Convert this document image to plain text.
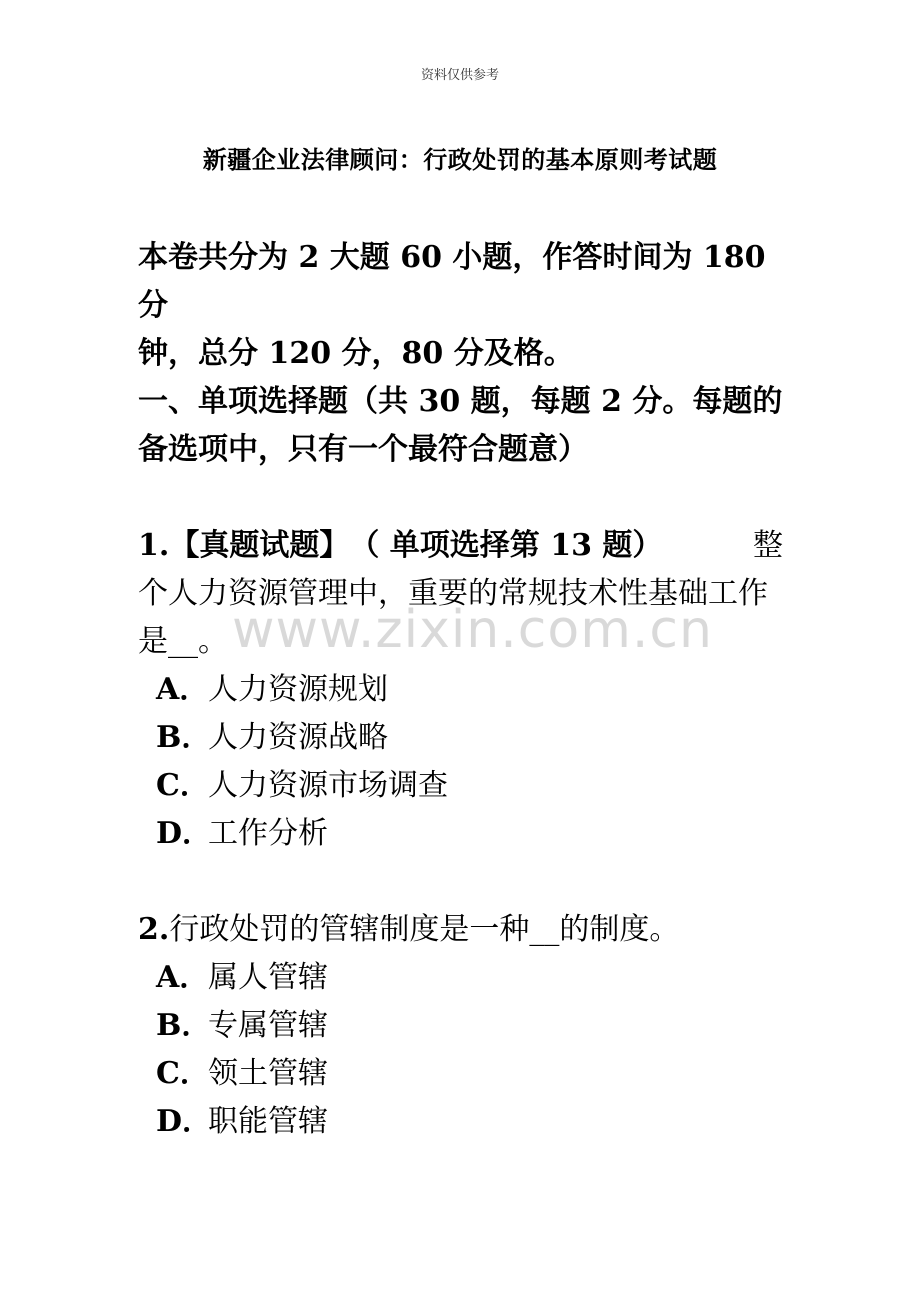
资料仅供参考
新疆企业法律顾问：行政处罚的基本原则考试题
本卷共分为 2 大题 60 小题，作答时间为 180 分
钟，总分 120 分，80 分及格。
一、单项选择题（共 30 题，每题 2 分。每题的
备选项中，只有一个最符合题意）
1.【真题试题】　（ 单项选择第 13 题）	整
个人力资源管理中，重要的常规技术性基础工作
是__。
A．人力资源规划
B．人力资源战略
C．人力资源市场调查
D．工作分析
2.行政处罚的管辖制度是一种__的制度。
A．属人管辖
B．专属管辖
C．领土管辖
D．职能管辖
www.zixin.com.cn
